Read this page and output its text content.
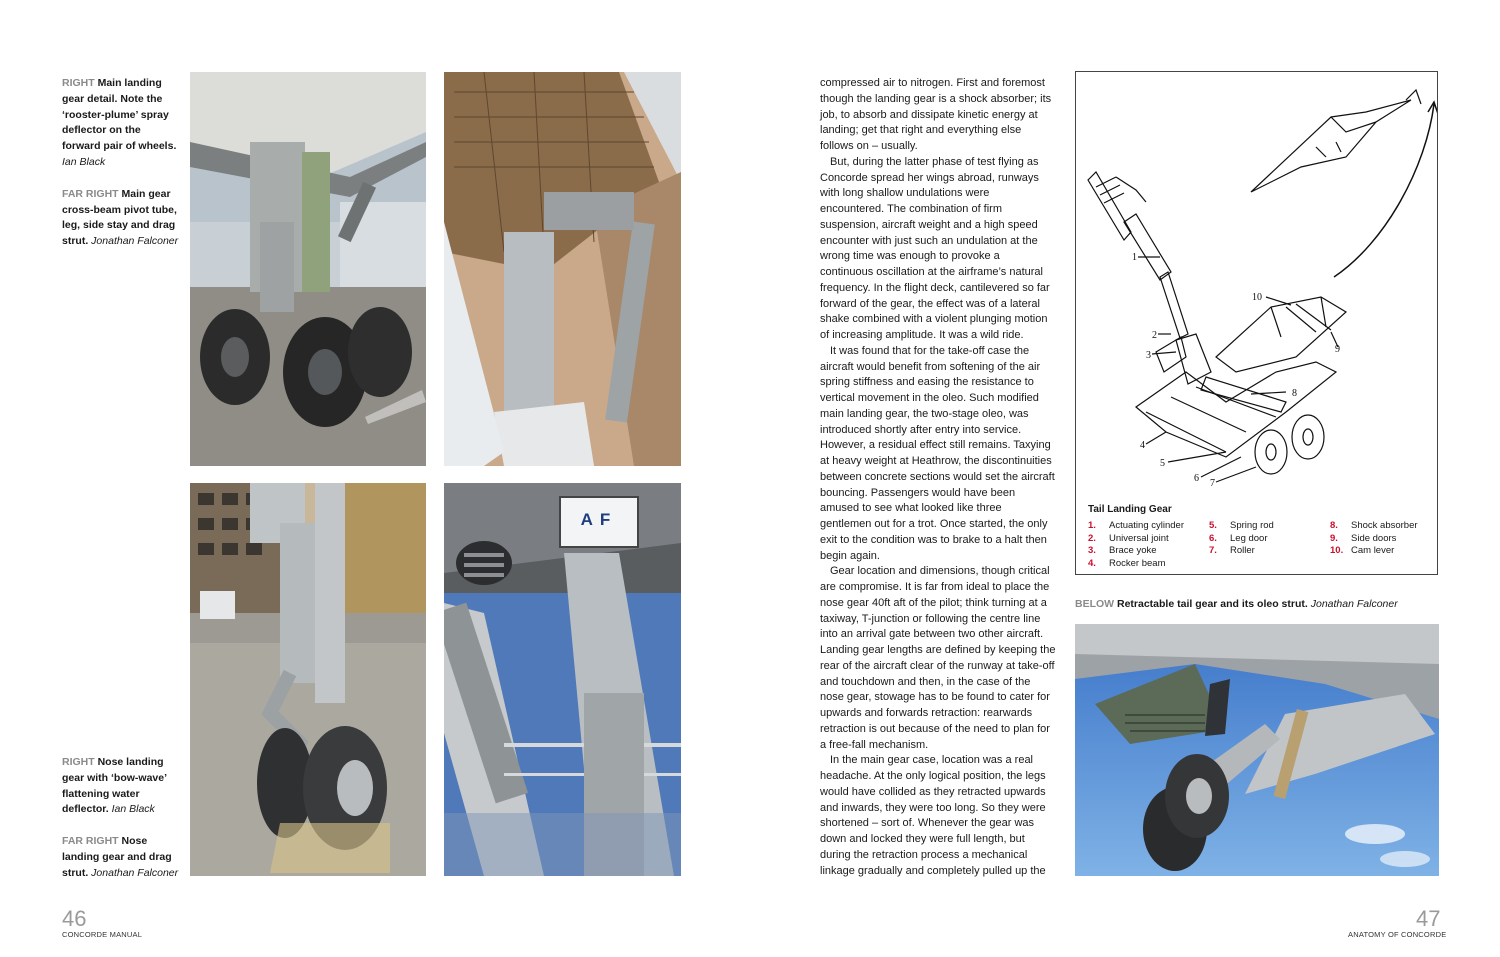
RIGHT Main landing gear detail. Note the ‘rooster-plume’ spray deflector on the forward pair of wheels. Ian Black

FAR RIGHT Main gear cross-beam pivot tube, leg, side stay and drag strut. Jonathan Falconer

RIGHT Nose landing gear with ‘bow-wave’ flattening water deflector. Ian Black

FAR RIGHT Nose landing gear and drag strut. Jonathan Falconer

AF
46
CONCORDE MANUAL

compressed air to nitrogen. First and foremost though the landing gear is a shock absorber; its job, to absorb and dissipate kinetic energy at landing; get that right and everything else follows on – usually.

But, during the latter phase of test flying as Concorde spread her wings abroad, runways with long shallow undulations were encountered. The combination of firm suspension, aircraft weight and a high speed encounter with just such an undulation at the wrong time was enough to provoke a continuous oscillation at the airframe’s natural frequency. In the flight deck, cantilevered so far forward of the gear, the effect was of a lateral shake combined with a violent plunging motion of increasing amplitude. It was a wild ride.

It was found that for the take-off case the aircraft would benefit from softening of the air spring stiffness and easing the resistance to vertical movement in the oleo. Such modified main landing gear, the two-stage oleo, was introduced shortly after entry into service. However, a residual effect still remains. Taxying at heavy weight at Heathrow, the discontinuities between concrete sections would set the aircraft bouncing. Passengers would have been amused to see what looked like three gentlemen out for a trot. Once started, the only exit to the condition was to brake to a halt then begin again.

Gear location and dimensions, though critical are compromise. It is far from ideal to place the nose gear 40ft aft of the pilot; think turning at a taxiway, T-junction or following the centre line into an arrival gate between two other aircraft. Landing gear lengths are defined by keeping the rear of the aircraft clear of the runway at take-off and touchdown and then, in the case of the nose gear, stowage has to be found to cater for upwards and forwards retraction: rearwards retraction is out because of the need to plan for a free-fall mechanism.

In the main gear case, location was a real headache. At the only logical position, the legs would have collided as they retracted upwards and inwards, they were too long. So they were shortened – sort of. Whenever the gear was down and locked they were full length, but during the retraction process a mechanical linkage gradually and completely pulled up the

1
2
3
4
5
6 7
8
9
10
Tail Landing Gear
1. Actuating cylinder
2. Universal joint
3. Brace yoke
4. Rocker beam
5. Spring rod
6. Leg door
7. Roller
8. Shock absorber
9. Side doors
10. Cam lever
BELOW Retractable tail gear and its oleo strut. Jonathan Falconer
47
ANATOMY OF CONCORDE
